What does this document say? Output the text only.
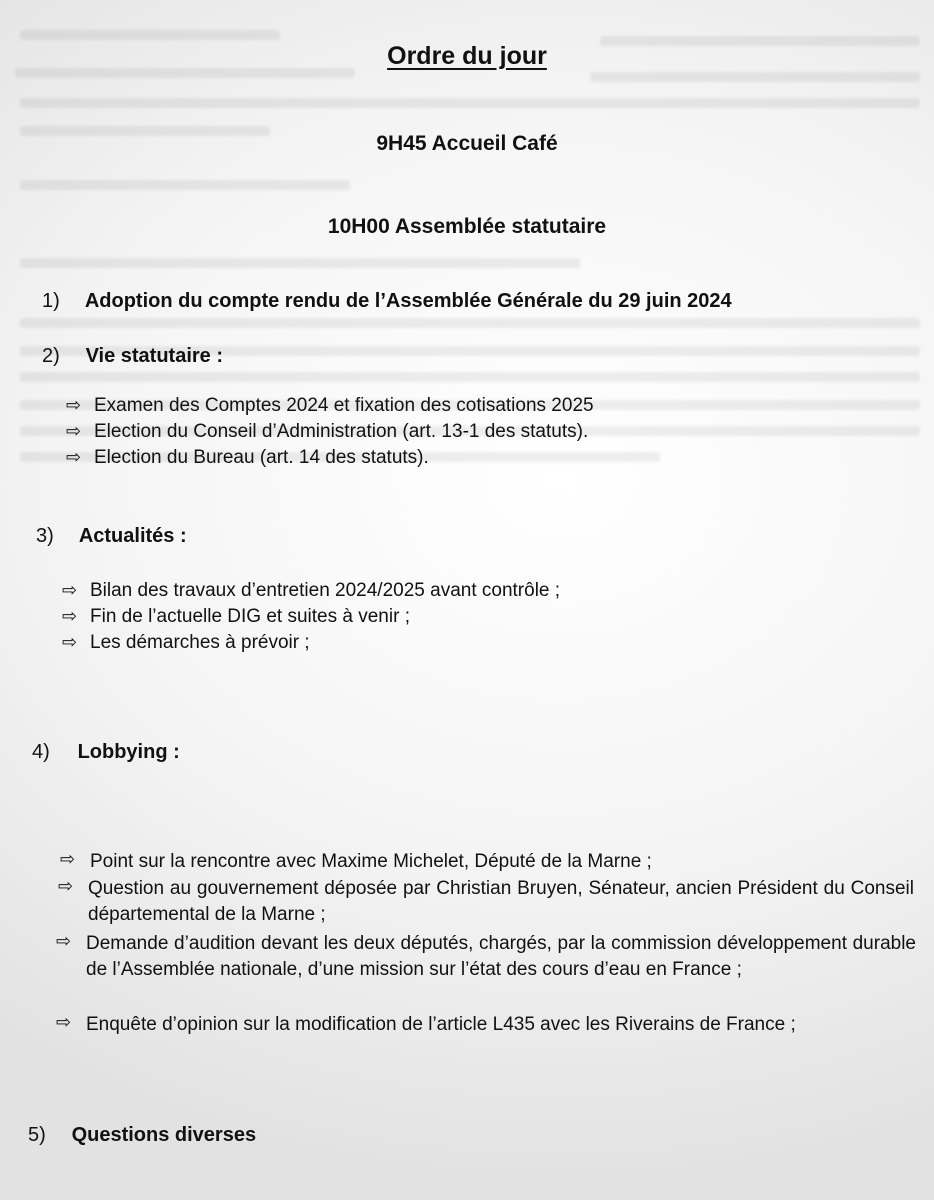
Ordre du jour
9H45 Accueil Café
10H00 Assemblée statutaire
1) Adoption du compte rendu de l’Assemblée Générale du 29 juin 2024
2) Vie statutaire :
⇨ Examen des Comptes 2024 et fixation des cotisations 2025
⇨ Election du Conseil d’Administration (art. 13-1 des statuts).
⇨ Election du Bureau (art. 14 des statuts).
3) Actualités :
⇨ Bilan des travaux d’entretien 2024/2025 avant contrôle ;
⇨ Fin de l’actuelle DIG et suites à venir ;
⇨ Les démarches à prévoir ;
4) Lobbying :
⇨ Point sur la rencontre avec Maxime Michelet, Député de la Marne ;
⇨ Question au gouvernement déposée par Christian Bruyen, Sénateur, ancien Président du Conseil départemental de la Marne ;
⇨ Demande d’audition devant les deux députés, chargés, par la commission développement durable de l’Assemblée nationale, d’une mission sur l’état des cours d’eau en France ;
⇨ Enquête d’opinion sur la modification de l’article L435 avec les Riverains de France ;
5) Questions diverses
